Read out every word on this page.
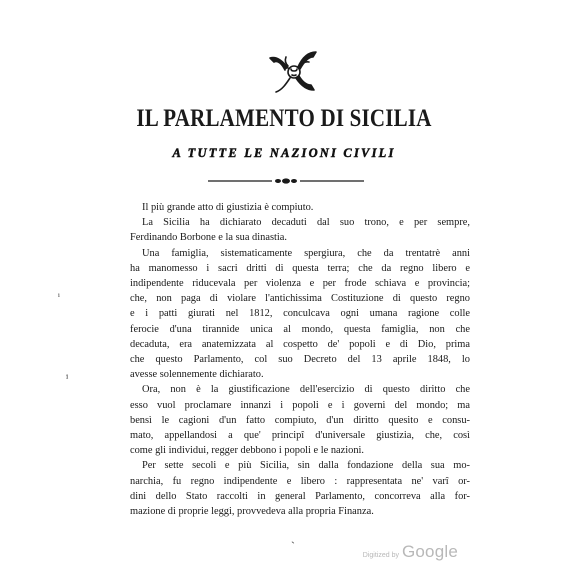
IL PARLAMENTO DI SICILIA
A TUTTE LE NAZIONI CIVILI

Il più grande atto di giustizia è compiuto.

La Sicilia ha dichiarato decaduti dal suo trono, e per sempre,
Ferdinando Borbone e la sua dinastia.

Una famiglia, sistematicamente spergiura, che da trentatrè anni
ha manomesso i sacri dritti di questa terra; che da regno libero e
indipendente riducevala per violenza e per frode schiava e provincia;
che, non paga di violare l'antichissima Costituzione di questo regno
e i patti giurati nel 1812, conculcava ogni umana ragione colle
ferocie d'una tirannide unica al mondo, questa famiglia, non che
decaduta, era anatemizzata al cospetto de' popoli e di Dio, prima
che questo Parlamento, col suo Decreto del 13 aprile 1848, lo
avesse solennemente dichiarato.

Ora, non è la giustificazione dell'esercizio di questo diritto che
esso vuol proclamare innanzi i popoli e i governi del mondo; ma
bensì le cagioni d'un fatto compiuto, d'un diritto quesito e consu-
mato, appellandosi a que' principî d'universale giustizia, che, così
come gli individui, regger debbono i popoli e le nazioni.

Per sette secoli e più Sicilia, sin dalla fondazione della sua mo-
narchia, fu regno indipendente e libero : rappresentata ne' varî or-
dini dello Stato raccolti in general Parlamento, concorreva alla for-
mazione di proprie leggi, provvedeva alla propria Finanza.

ᵢ
ⁱ
ˎ
Digitized by Google
